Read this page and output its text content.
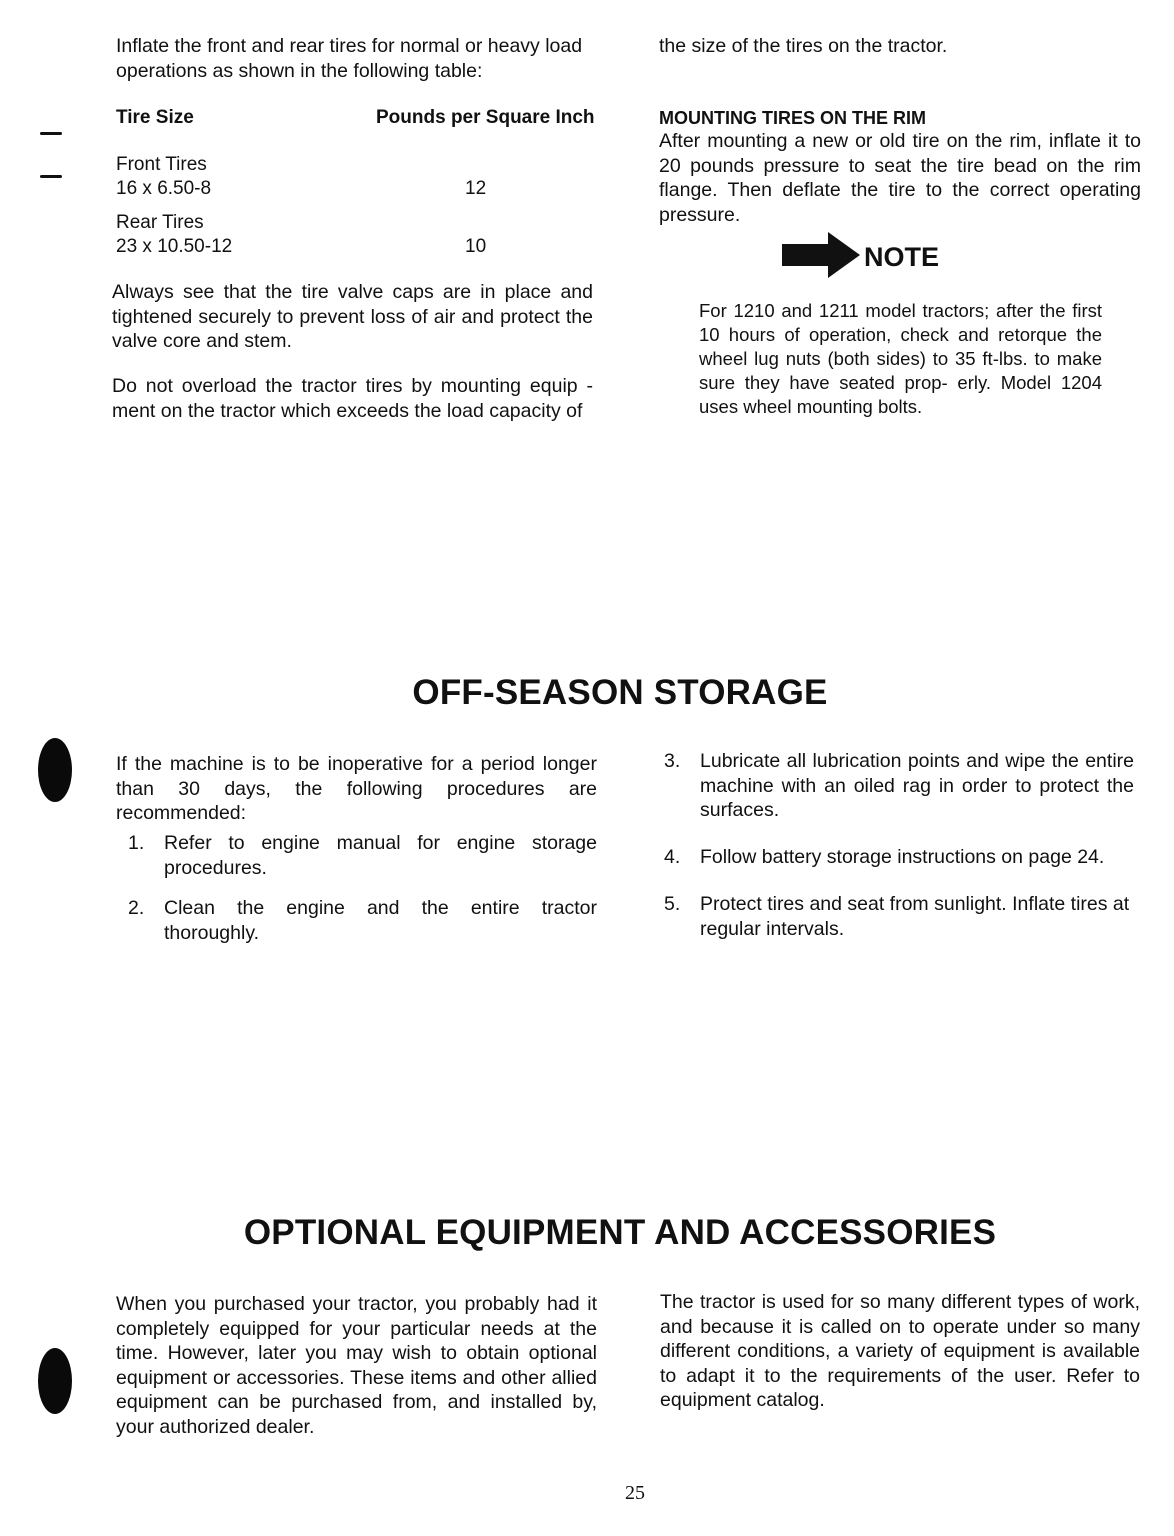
Inflate the front and rear tires for normal or heavy load operations as shown in the following table:
Tire Size	Pounds per Square Inch
Front Tires
16 x 6.50-8	12
Rear Tires
23 x 10.50-12	10
Always see that the tire valve caps are in place and tightened securely to prevent loss of air and protect the valve core and stem.
Do not overload the tractor tires by mounting equip - ment on the tractor which exceeds the load capacity of
the size of the tires on the tractor.
MOUNTING TIRES ON THE RIM
After mounting a new or old tire on the rim, inflate it to 20 pounds pressure to seat the tire bead on the rim flange. Then deflate the tire to the correct operating pressure.
NOTE
For 1210 and 1211 model tractors; after the first 10 hours of operation, check and retorque the wheel lug nuts (both sides) to 35 ft-lbs. to make sure they have seated prop- erly. Model 1204 uses wheel mounting bolts.
OFF-SEASON STORAGE
If the machine is to be inoperative for a period longer than 30 days, the following procedures are recommended:
1.	Refer to engine manual for engine storage procedures.
2.	Clean the engine and the entire tractor thoroughly.
3.	Lubricate all lubrication points and wipe the entire machine with an oiled rag in order to protect the surfaces.
4.	Follow battery storage instructions on page 24.
5.	Protect tires and seat from sunlight. Inflate tires at regular intervals.
OPTIONAL EQUIPMENT AND ACCESSORIES
When you purchased your tractor, you probably had it completely equipped for your particular needs at the time. However, later you may wish to obtain optional equipment or accessories. These items and other allied equipment can be purchased from, and installed by, your authorized dealer.
The tractor is used for so many different types of work, and because it is called on to operate under so many different conditions, a variety of equipment is available to adapt it to the requirements of the user. Refer to equipment catalog.
25
